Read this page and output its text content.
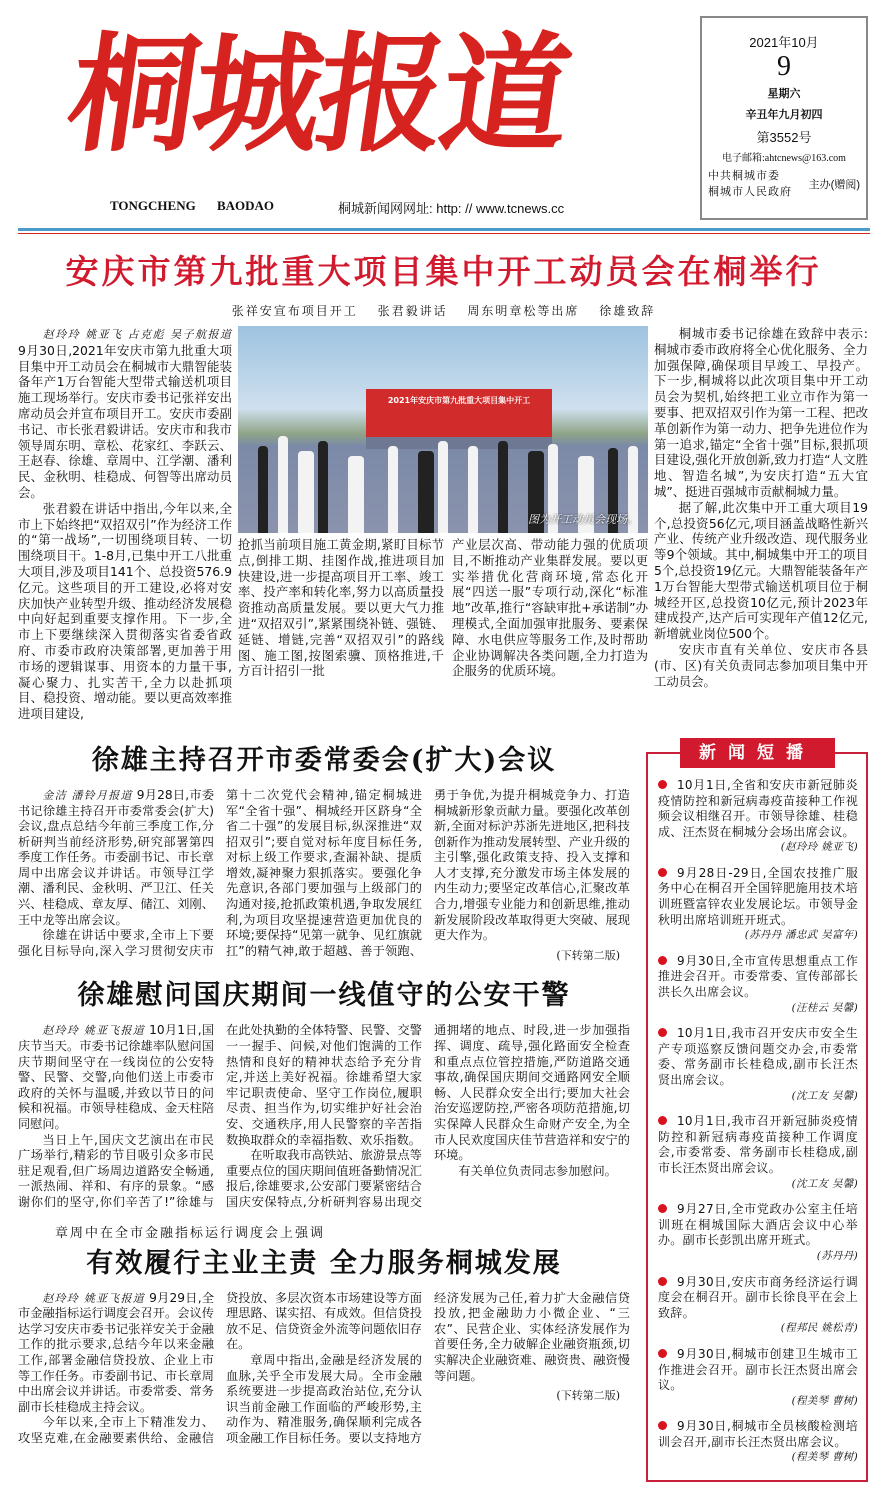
桐城报道
TONGCHENG BAODAO	桐城新闻网网址: http: // www.tcnews.cc
2021年10月
9
星期六
辛丑年九月初四
第3552号
电子邮箱:ahtcnews@163.com
中共桐城市委
桐城市人民政府
主办(赠阅)
安庆市第九批重大项目集中开工动员会在桐举行
张祥安宣布项目开工 张君毅讲话 周东明章松等出席 徐雄致辞

赵玲玲 姚亚飞 占克彪 吴子航报道 9月30日,2021年安庆市第九批重大项目集中开工动员会在桐城市大鼎智能装备年产1万台智能大型带式输送机项目施工现场举行。安庆市委书记张祥安出席动员会并宣布项目开工。安庆市委副书记、市长张君毅讲话。安庆市和我市领导周东明、章松、花家红、李跃云、王赵春、徐雄、章周中、江学潮、潘利民、金秋明、桂稳成、何智等出席动员会。

张君毅在讲话中指出,今年以来,全市上下始终把“双招双引”作为经济工作的“第一战场”,一切围绕项目转、一切围绕项目干。1-8月,已集中开工八批重大项目,涉及项目141个、总投资576.9亿元。这些项目的开工建设,必将对安庆加快产业转型升级、推动经济发展稳中向好起到重要支撑作用。下一步,全市上下要继续深入贯彻落实省委省政府、市委市政府决策部署,更加善于用市场的逻辑谋事、用资本的力量干事,凝心聚力、扎实苦干,全力以赴抓项目、稳投资、增动能。要以更高效率推进项目建设,

2021年安庆市第九批重大项目集中开工
图为开工动员会现场。

抢抓当前项目施工黄金期,紧盯目标节点,倒排工期、挂图作战,推进项目加快建设,进一步提高项目开工率、竣工率、投产率和转化率,努力以高质量投资推动高质量发展。要以更大气力推进“双招双引”,紧紧围绕补链、强链、延链、增链,完善“双招双引”的路线图、施工图,按图索骥、顶格推进,千方百计招引一批

产业层次高、带动能力强的优质项目,不断推动产业集群发展。要以更实举措优化营商环境,常态化开展“四送一服”专项行动,深化“标准地”改革,推行“容缺审批+承诺制”办理模式,全面加强审批服务、要素保障、水电供应等服务工作,及时帮助企业协调解决各类问题,全力打造为企服务的优质环境。

桐城市委书记徐雄在致辞中表示:桐城市委市政府将全心优化服务、全力加强保障,确保项目早竣工、早投产。下一步,桐城将以此次项目集中开工动员会为契机,始终把工业立市作为第一要事、把双招双引作为第一工程、把改革创新作为第一动力、把争先进位作为第一追求,锚定“全省十强”目标,狠抓项目建设,强化开放创新,致力打造“人文胜地、智造名城”,为安庆打造“五大宜城”、挺进百强城市贡献桐城力量。

据了解,此次集中开工重大项目19个,总投资56亿元,项目涵盖战略性新兴产业、传统产业升级改造、现代服务业等9个领域。其中,桐城集中开工的项目5个,总投资19亿元。大鼎智能装备年产1万台智能大型带式输送机项目位于桐城经开区,总投资10亿元,预计2023年建成投产,达产后可实现年产值12亿元,新增就业岗位500个。

安庆市直有关单位、安庆市各县(市、区)有关负责同志参加项目集中开工动员会。

徐雄主持召开市委常委会(扩大)会议

金洁 潘铃月报道 9月28日,市委书记徐雄主持召开市委常委会(扩大)会议,盘点总结今年前三季度工作,分析研判当前经济形势,研究部署第四季度工作任务。市委副书记、市长章周中出席会议并讲话。市领导江学潮、潘利民、金秋明、严卫江、任关兴、桂稳成、章友厚、储江、刘刚、王中龙等出席会议。

徐雄在讲话中要求,全市上下要强化目标导向,深入学习贯彻安庆市第十二次党代会精神,锚定桐城进军“全省十强”、桐城经开区跻身“全省二十强”的发展目标,纵深推进“双招双引”;要自觉对标年度目标任务,对标上级工作要求,查漏补缺、提质增效,凝神聚力狠抓落实。要强化争先意识,各部门要加强与上级部门的沟通对接,抢抓政策机遇,争取发展红利,为项目攻坚提速营造更加优良的环境;要保持“见第一就争、见红旗就扛”的精气神,敢于超越、善于领跑、勇于争优,为提升桐城竞争力、打造桐城新形象贡献力量。要强化改革创新,全面对标沪苏浙先进地区,把科技创新作为推动发展转型、产业升级的主引擎,强化政策支持、投入支撑和人才支撑,充分激发市场主体发展的内生动力;要坚定改革信心,汇聚改革合力,增强专业能力和创新思维,推动新发展阶段改革取得更大突破、展现更大作为。

(下转第二版)
徐雄慰问国庆期间一线值守的公安干警

赵玲玲 姚亚飞报道 10月1日,国庆节当天。市委书记徐雄率队慰问国庆节期间坚守在一线岗位的公安特警、民警、交警,向他们送上市委市政府的关怀与温暖,并致以节日的问候和祝福。市领导桂稳成、金天柱陪同慰问。

当日上午,国庆文艺演出在市民广场举行,精彩的节目吸引众多市民驻足观看,但广场周边道路安全畅通,一派热闹、祥和、有序的景象。“感谢你们的坚守,你们辛苦了!”徐雄与在此处执勤的全体特警、民警、交警一一握手、问候,对他们饱满的工作热情和良好的精神状态给予充分肯定,并送上美好祝福。徐雄希望大家牢记职责使命、坚守工作岗位,履职尽责、担当作为,切实维护好社会治安、交通秩序,用人民警察的辛苦指数换取群众的幸福指数、欢乐指数。

在听取我市高铁站、旅游景点等重要点位的国庆期间值班备勤情况汇报后,徐雄要求,公安部门要紧密结合国庆安保特点,分析研判容易出现交通拥堵的地点、时段,进一步加强指挥、调度、疏导,强化路面安全检查和重点点位管控措施,严防道路交通事故,确保国庆期间交通路网安全顺畅、人民群众安全出行;要加大社会治安巡逻防控,严密各项防范措施,切实保障人民群众生命财产安全,为全市人民欢度国庆佳节营造祥和安宁的环境。

有关单位负责同志参加慰问。

章周中在全市金融指标运行调度会上强调
有效履行主业主责 全力服务桐城发展

赵玲玲 姚亚飞报道 9月29日,全市金融指标运行调度会召开。会议传达学习安庆市委书记张祥安关于金融工作的批示要求,总结今年以来金融工作,部署金融信贷投放、企业上市等工作任务。市委副书记、市长章周中出席会议并讲话。市委常委、常务副市长桂稳成主持会议。

今年以来,全市上下精准发力、攻坚克难,在金融要素供给、金融信贷投放、多层次资本市场建设等方面理思路、谋实招、有成效。但信贷投放不足、信贷资金外流等问题依旧存在。

章周中指出,金融是经济发展的血脉,关乎全市发展大局。全市金融系统要进一步提高政治站位,充分认识当前金融工作面临的严峻形势,主动作为、精准服务,确保顺利完成各项金融工作目标任务。要以支持地方经济发展为己任,着力扩大金融信贷投放,把金融助力小微企业、“三农”、民营企业、实体经济发展作为首要任务,全力破解企业融资瓶颈,切实解决企业融资难、融资贵、融资慢等问题。

(下转第二版)
新闻短播
10月1日,全省和安庆市新冠肺炎疫情防控和新冠病毒疫苗接种工作视频会议相继召开。市领导徐雄、桂稳成、汪杰贤在桐城分会场出席会议。
(赵玲玲 姚亚飞)
9月28日-29日,全国农技推广服务中心在桐召开全国锌肥施用技术培训班暨富锌农业发展论坛。市领导金秋明出席培训班开班式。
(苏丹丹 潘忠武 吴富年)
9月30日,全市宣传思想重点工作推进会召开。市委常委、宣传部部长洪长久出席会议。
(汪桂云 吴馨)
10月1日,我市召开安庆市安全生产专项巡察反馈问题交办会,市委常委、常务副市长桂稳成,副市长汪杰贤出席会议。
(沈工友 吴馨)
10月1日,我市召开新冠肺炎疫情防控和新冠病毒疫苗接种工作调度会,市委常委、常务副市长桂稳成,副市长汪杰贤出席会议。
(沈工友 吴馨)
9月27日,全市党政办公室主任培训班在桐城国际大酒店会议中心举办。副市长彭凯出席开班式。
(苏丹丹)
9月30日,安庆市商务经济运行调度会在桐召开。副市长徐良平在会上致辞。
(程邦民 姚松青)
9月30日,桐城市创建卫生城市工作推进会召开。副市长汪杰贤出席会议。
(程美琴 曹树)
9月30日,桐城市全员核酸检测培训会召开,副市长汪杰贤出席会议。
(程美琴 曹树)
